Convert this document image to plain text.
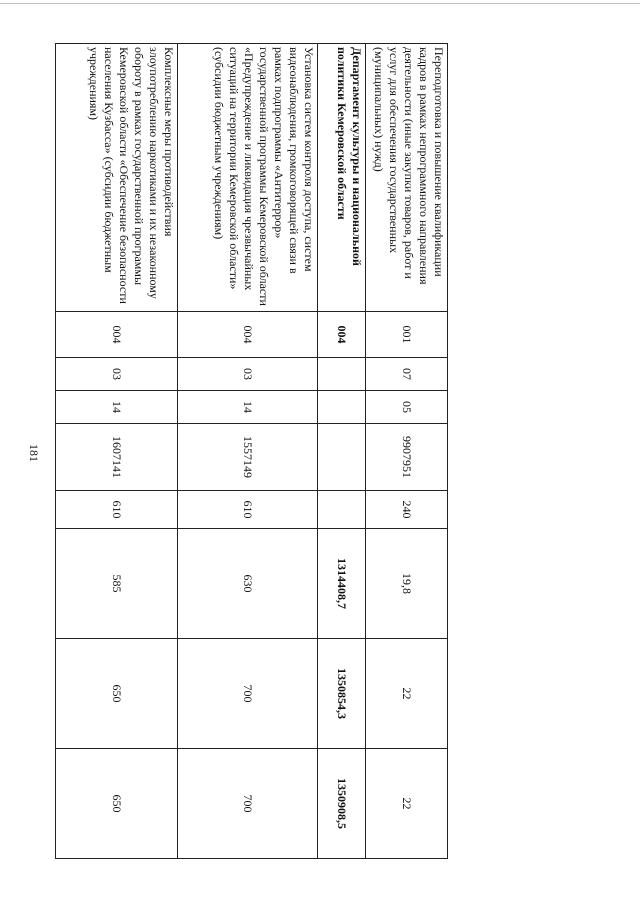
181
Переподготовка и повышение квалификации кадров в рамках непрограммного направления деятельности (иные закупки товаров, работ и услуг для обеспечения государственных (муниципальных) нужд)	001	07	05	9907951	240	19,8	22	22
Департамент культуры и национальной политики Кемеровской области	004					1314408,7	1350854,3	1350908,5
Установка систем контроля доступа, систем видеонаблюдения, громкоговорящей связи в рамках подпрограммы «Антитеррор» государственной программы Кемеровской области «Предупреждение и ликвидация чрезвычайных ситуаций на территории Кемеровской области» (субсидии бюджетным учреждениям)	004	03	14	1557149	610	630	700	700
Комплексные меры противодействия злоупотреблению наркотиками и их незаконному обороту в рамках государственной программы Кемеровской области «Обеспечение безопасности населения Кузбасса» (субсидии бюджетным учреждениям)	004	03	14	1607141	610	585	650	650
